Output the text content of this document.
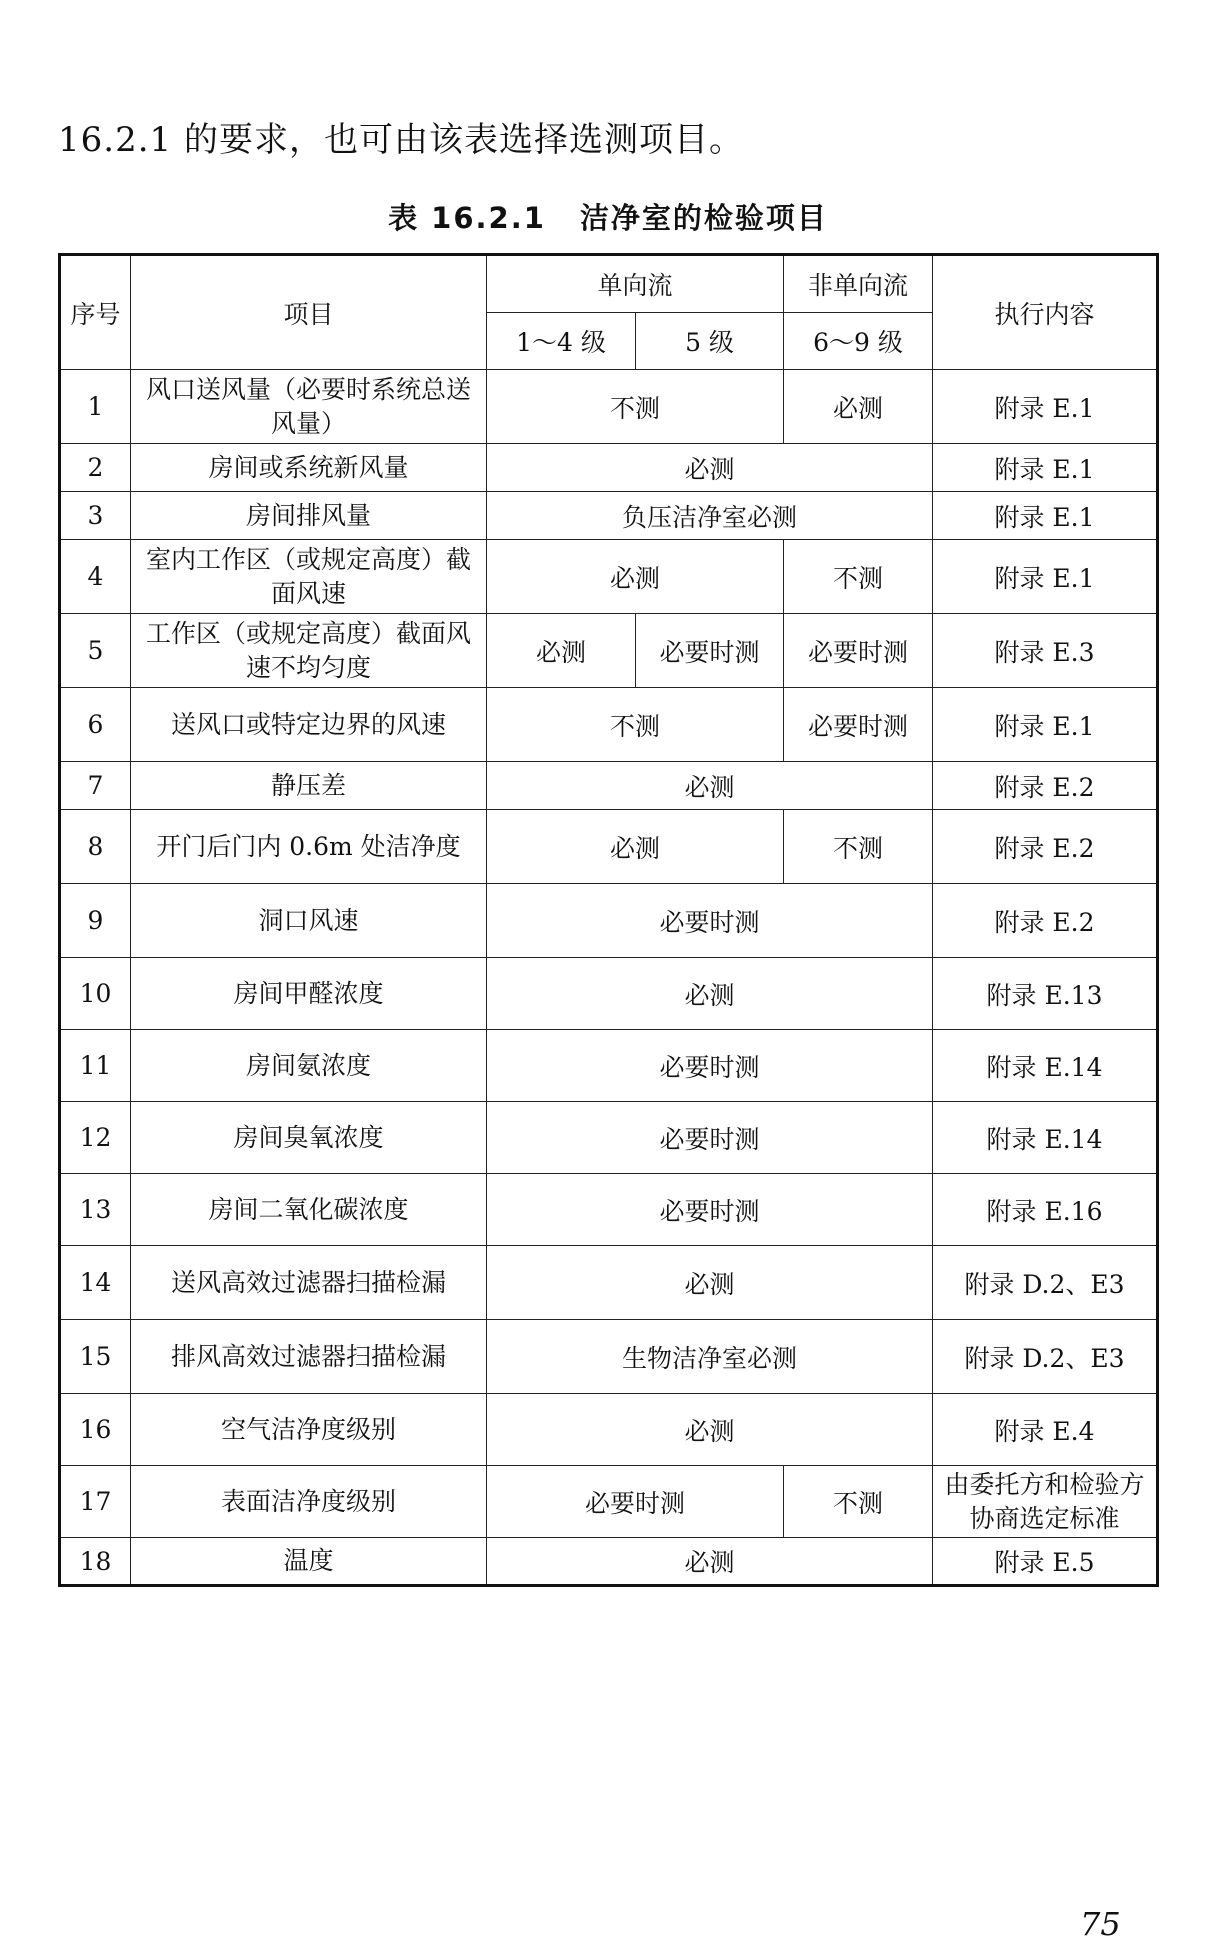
16.2.1 的要求，也可由该表选择选测项目。
表 16.2.1 洁净室的检验项目
序号	项目	单向流		非单向流	执行内容
		1～4 级	5 级	6～9 级	
1	风口送风量（必要时系统总送风量）	不测		必测	附录 E.1
2	房间或系统新风量	必测			附录 E.1
3	房间排风量	负压洁净室必测			附录 E.1
4	室内工作区（或规定高度）截面风速	必测		不测	附录 E.1
5	工作区（或规定高度）截面风速不均匀度	必测	必要时测	必要时测	附录 E.3
6	送风口或特定边界的风速	不测		必要时测	附录 E.1
7	静压差	必测			附录 E.2
8	开门后门内 0.6m 处洁净度	必测		不测	附录 E.2
9	洞口风速	必要时测			附录 E.2
10	房间甲醛浓度	必测			附录 E.13
11	房间氨浓度	必要时测			附录 E.14
12	房间臭氧浓度	必要时测			附录 E.14
13	房间二氧化碳浓度	必要时测			附录 E.16
14	送风高效过滤器扫描检漏	必测			附录 D.2、E3
15	排风高效过滤器扫描检漏	生物洁净室必测			附录 D.2、E3
16	空气洁净度级别	必测			附录 E.4
17	表面洁净度级别	必要时测		不测	由委托方和检验方协商选定标准
18	温度	必测			附录 E.5
75
